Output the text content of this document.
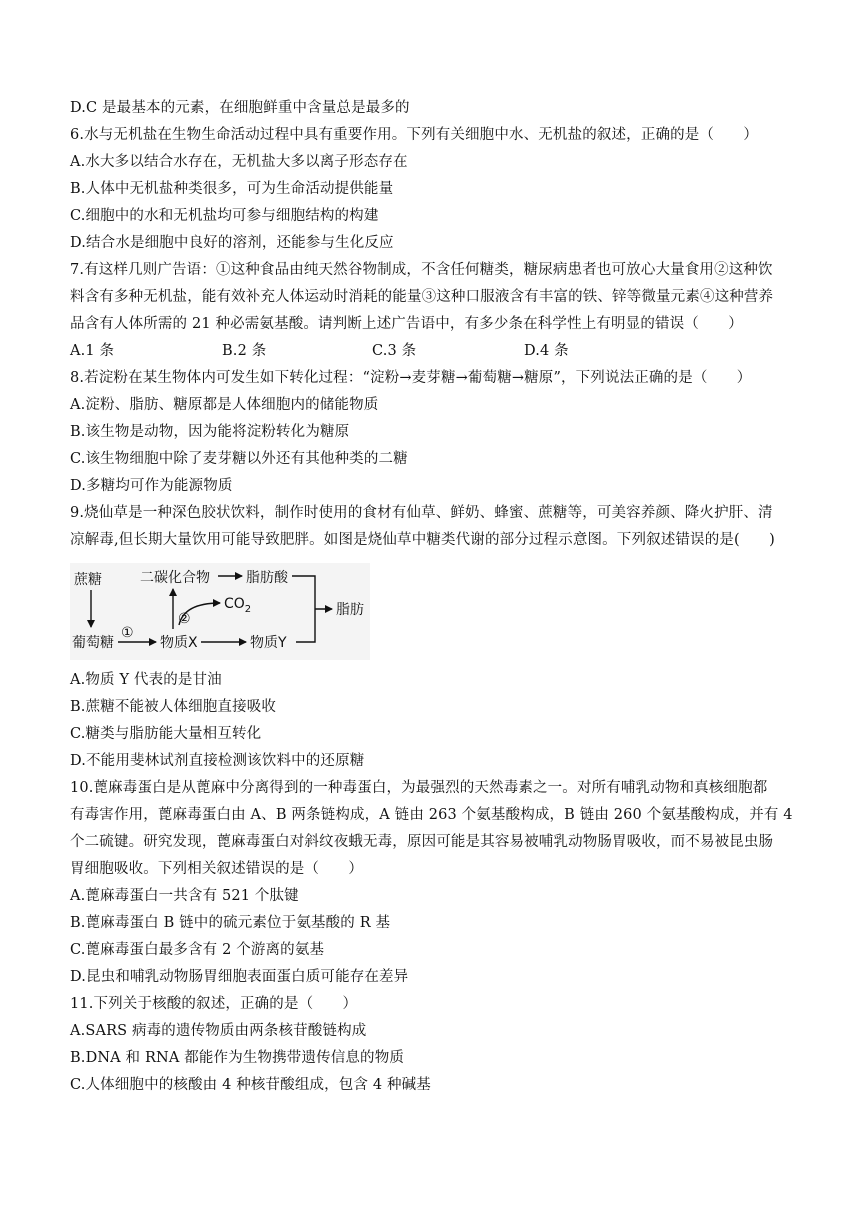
D.C 是最基本的元素，在细胞鲜重中含量总是最多的
6.水与无机盐在生物生命活动过程中具有重要作用。下列有关细胞中水、无机盐的叙述，正确的是（　　）
A.水大多以结合水存在，无机盐大多以离子形态存在
B.人体中无机盐种类很多，可为生命活动提供能量
C.细胞中的水和无机盐均可参与细胞结构的构建
D.结合水是细胞中良好的溶剂，还能参与生化反应
7.有这样几则广告语：①这种食品由纯天然谷物制成，不含任何糖类，糖尿病患者也可放心大量食用②这种饮
料含有多种无机盐，能有效补充人体运动时消耗的能量③这种口服液含有丰富的铁、锌等微量元素④这种营养
品含有人体所需的 21 种必需氨基酸。请判断上述广告语中，有多少条在科学性上有明显的错误（　　）
A.1 条	B.2 条	C.3 条	D.4 条
8.若淀粉在某生物体内可发生如下转化过程：“淀粉→麦芽糖→葡萄糖→糖原”，下列说法正确的是（　　）
A.淀粉、脂肪、糖原都是人体细胞内的储能物质
B.该生物是动物，因为能将淀粉转化为糖原
C.该生物细胞中除了麦芽糖以外还有其他种类的二糖
D.多糖均可作为能源物质
9.烧仙草是一种深色胶状饮料，制作时使用的食材有仙草、鲜奶、蜂蜜、蔗糖等，可美容养颜、降火护肝、清
凉解毒,但长期大量饮用可能导致肥胖。如图是烧仙草中糖类代谢的部分过程示意图。下列叙述错误的是(　　)
蔗糖
葡萄糖
①
物质X
②
$CO_2$
二碳化合物	脂肪酸
物质Y
脂肪
A.物质 Y 代表的是甘油
B.蔗糖不能被人体细胞直接吸收
C.糖类与脂肪能大量相互转化
D.不能用斐林试剂直接检测该饮料中的还原糖
10.蓖麻毒蛋白是从蓖麻中分离得到的一种毒蛋白，为最强烈的天然毒素之一。对所有哺乳动物和真核细胞都
有毒害作用，蓖麻毒蛋白由 A、B 两条链构成，A 链由 263 个氨基酸构成，B 链由 260 个氨基酸构成，并有 4
个二硫键。研究发现，蓖麻毒蛋白对斜纹夜蛾无毒，原因可能是其容易被哺乳动物肠胃吸收，而不易被昆虫肠
胃细胞吸收。下列相关叙述错误的是（　　）
A.蓖麻毒蛋白一共含有 521 个肽键
B.蓖麻毒蛋白 B 链中的硫元素位于氨基酸的 R 基
C.蓖麻毒蛋白最多含有 2 个游离的氨基
D.昆虫和哺乳动物肠胃细胞表面蛋白质可能存在差异
11.下列关于核酸的叙述，正确的是（　　）
A.SARS 病毒的遗传物质由两条核苷酸链构成
B.DNA 和 RNA 都能作为生物携带遗传信息的物质
C.人体细胞中的核酸由 4 种核苷酸组成，包含 4 种碱基
